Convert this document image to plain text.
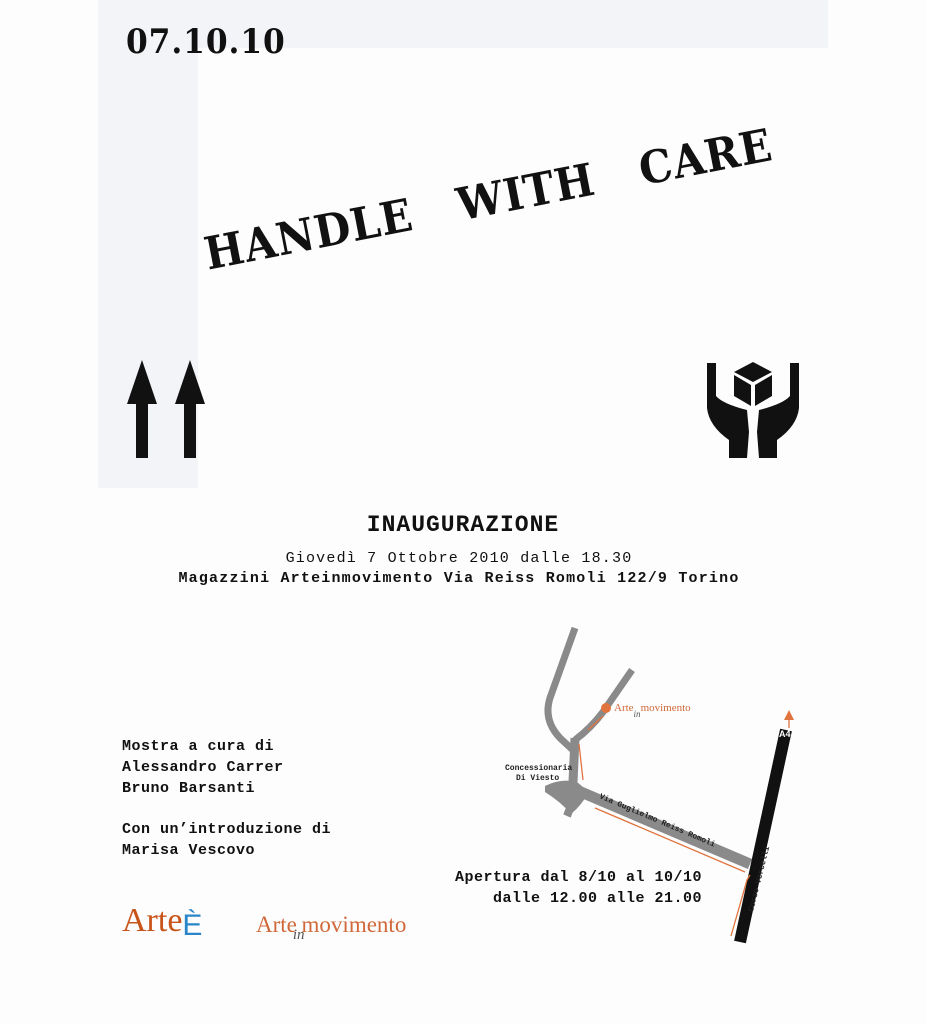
07.10.10
HANDLE   WITH   CARE
INAUGURAZIONE
Giovedì 7 Ottobre 2010 dalle 18.30
Magazzini Arteinmovimento Via Reiss Romoli 122/9 Torino
Mostra a cura di
Alessandro Carrer
Bruno Barsanti
Con un’introduzione di
Marisa Vescovo
Arte$_{in}$movimento
Concessionaria
Di Viesto
Via Guglielmo Reiss Romoli
Corso Vercelli
A4
Apertura dal 8/10 al 10/10
dalle 12.00 alle 21.00
ArteÈ Arte$_{in}$movimento
